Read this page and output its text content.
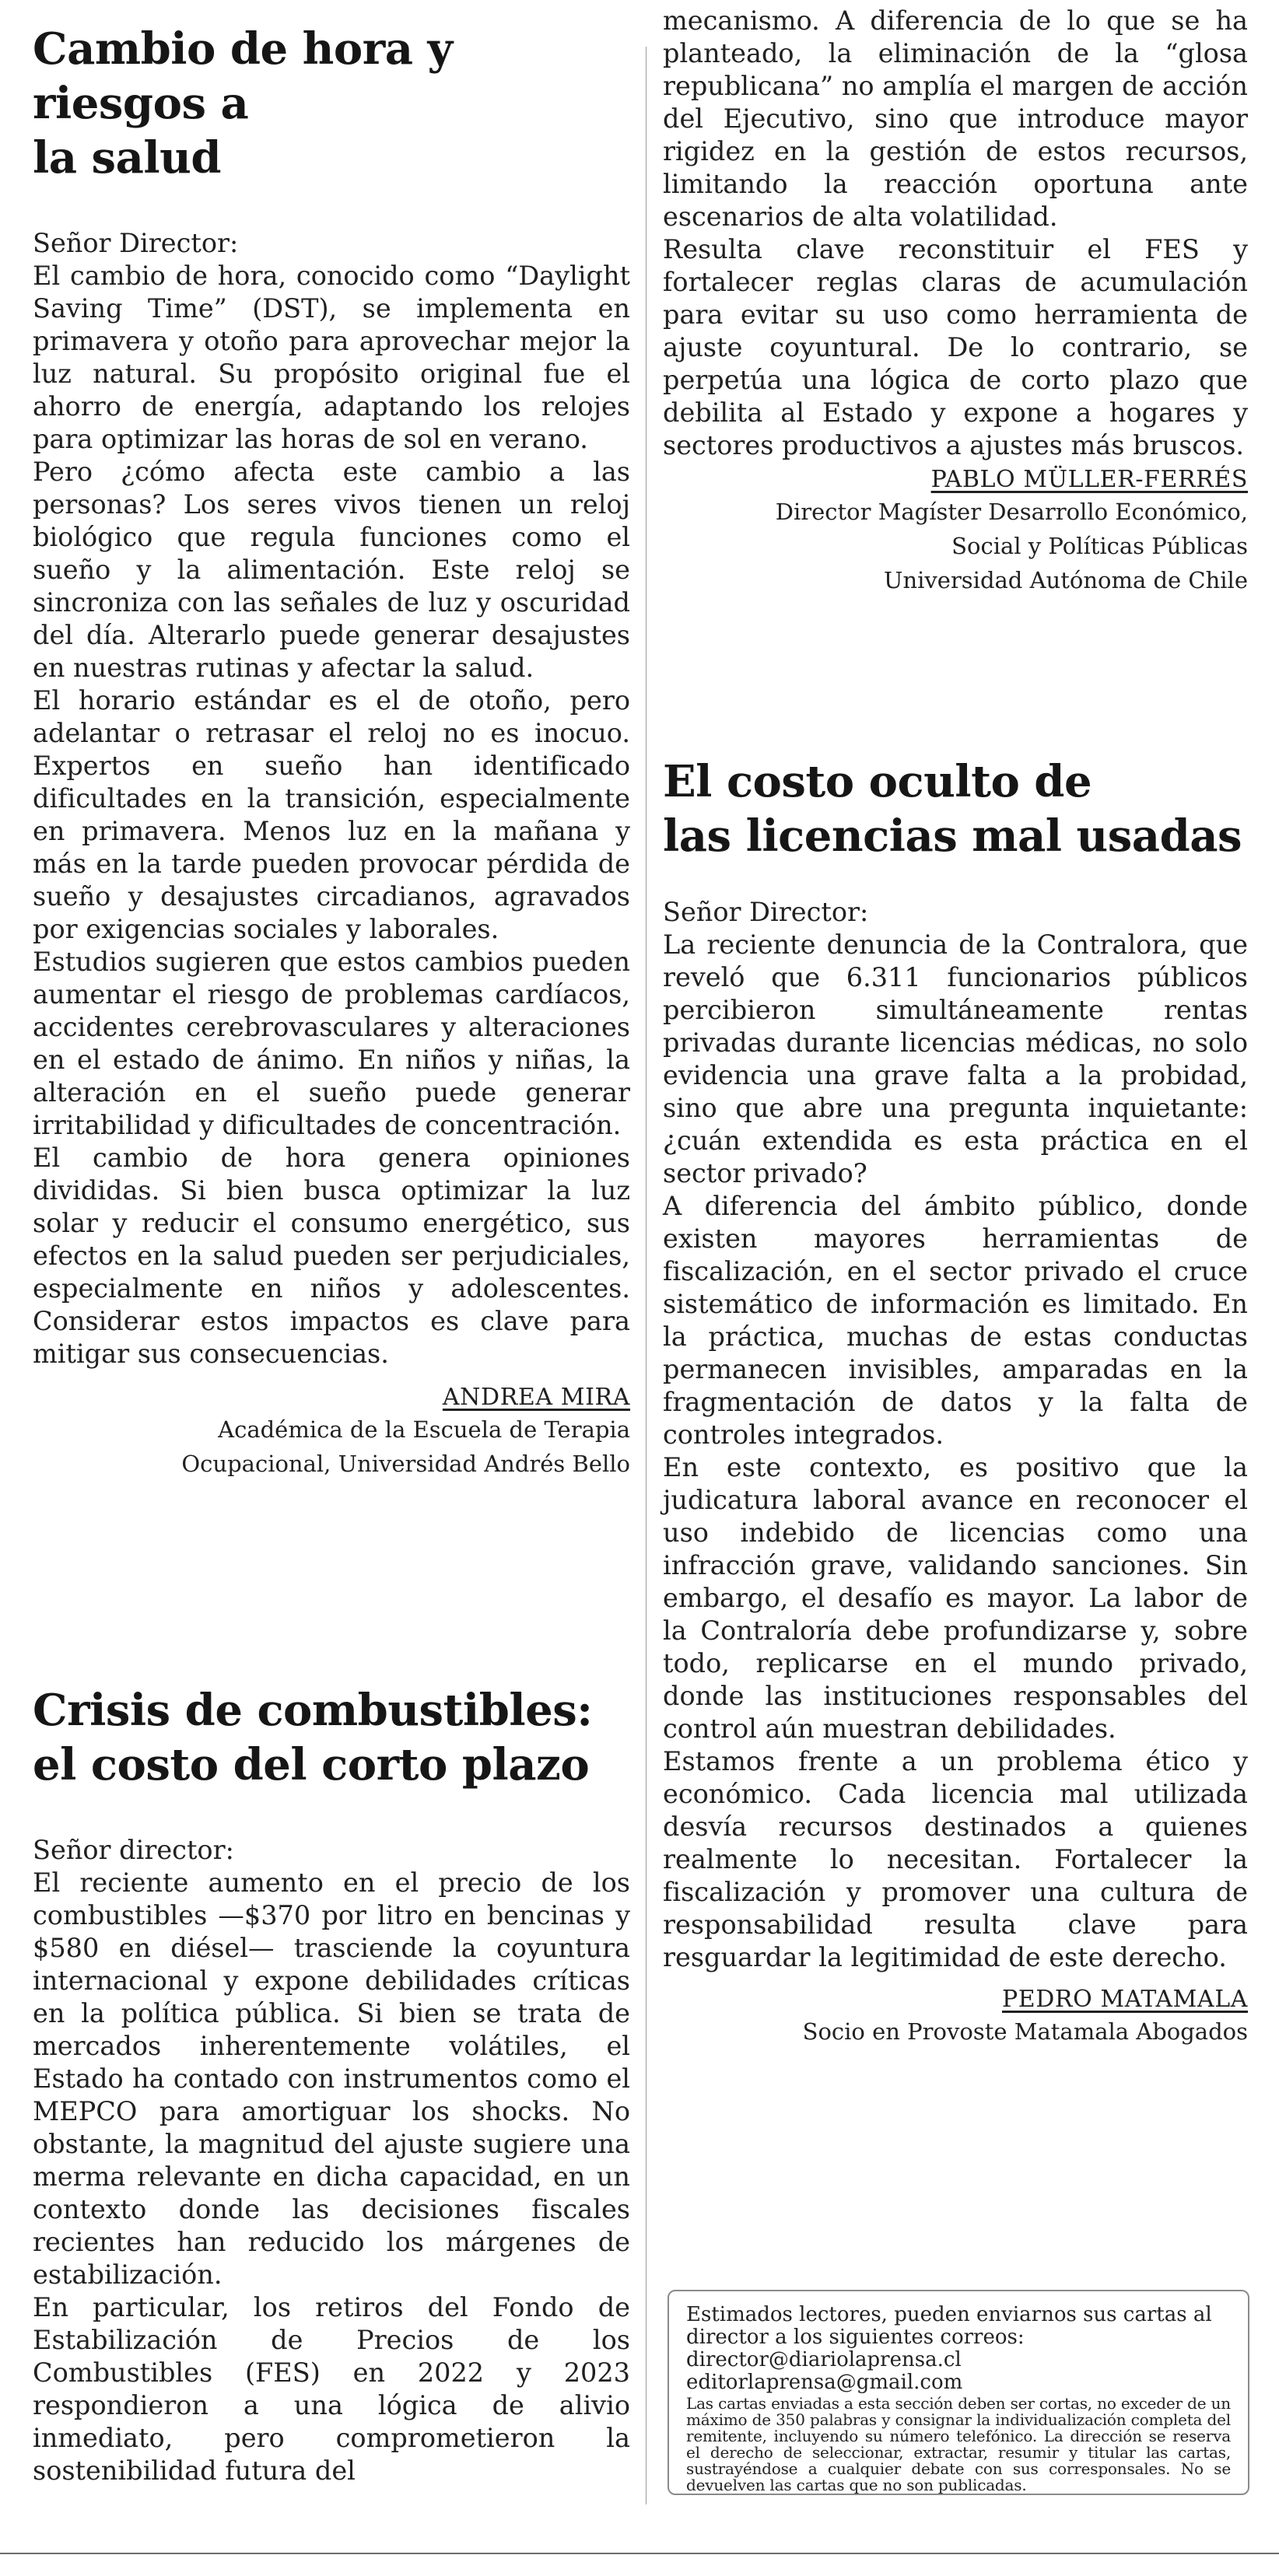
Cambio de hora y riesgos a
la salud

Señor Director:

El cambio de hora, conocido como “Daylight Saving Time” (DST), se implementa en primavera y otoño para aprovechar mejor la luz natural. Su propósito original fue el ahorro de energía, adaptando los relojes para optimizar las horas de sol en verano.

Pero ¿cómo afecta este cambio a las personas? Los seres vivos tienen un reloj biológico que regula funciones como el sueño y la alimentación. Este reloj se sincroniza con las señales de luz y oscuridad del día. Alterarlo puede generar desajustes en nuestras rutinas y afectar la salud.

El horario estándar es el de otoño, pero adelantar o retrasar el reloj no es inocuo. Expertos en sueño han identificado dificultades en la transición, especialmente en primavera. Menos luz en la mañana y más en la tarde pueden provocar pérdida de sueño y desajustes circadianos, agravados por exigencias sociales y laborales.

Estudios sugieren que estos cambios pueden aumentar el riesgo de problemas cardíacos, accidentes cerebrovasculares y alteraciones en el estado de ánimo. En niños y niñas, la alteración en el sueño puede generar irritabilidad y dificultades de concentración.

El cambio de hora genera opiniones divididas. Si bien busca optimizar la luz solar y reducir el consumo energético, sus efectos en la salud pueden ser perjudiciales, especialmente en niños y adolescentes. Considerar estos impactos es clave para mitigar sus consecuencias.

ANDREA MIRA
Académica de la Escuela de Terapia
Ocupacional, Universidad Andrés Bello
Crisis de combustibles:
el costo del corto plazo

Señor director:

El reciente aumento en el precio de los combustibles —$370 por litro en bencinas y $580 en diésel— trasciende la coyuntura internacional y expone debilidades críticas en la política pública. Si bien se trata de mercados inherentemente volátiles, el Estado ha contado con instrumentos como el MEPCO para amortiguar los shocks. No obstante, la magnitud del ajuste sugiere una merma relevante en dicha capacidad, en un contexto donde las decisiones fiscales recientes han reducido los márgenes de estabilización.

En particular, los retiros del Fondo de Estabilización de Precios de los Combustibles (FES) en 2022 y 2023 respondieron a una lógica de alivio inmediato, pero comprometieron la sostenibilidad futura del

mecanismo. A diferencia de lo que se ha planteado, la eliminación de la “glosa republicana” no amplía el margen de acción del Ejecutivo, sino que introduce mayor rigidez en la gestión de estos recursos, limitando la reacción oportuna ante escenarios de alta volatilidad.

Resulta clave reconstituir el FES y fortalecer reglas claras de acumulación para evitar su uso como herramienta de ajuste coyuntural. De lo contrario, se perpetúa una lógica de corto plazo que debilita al Estado y expone a hogares y sectores productivos a ajustes más bruscos.

PABLO MÜLLER-FERRÉS
Director Magíster Desarrollo Económico,
Social y Políticas Públicas
Universidad Autónoma de Chile
El costo oculto de
las licencias mal usadas

Señor Director:

La reciente denuncia de la Contralora, que reveló que 6.311 funcionarios públicos percibieron simultáneamente rentas privadas durante licencias médicas, no solo evidencia una grave falta a la probidad, sino que abre una pregunta inquietante: ¿cuán extendida es esta práctica en el sector privado?

A diferencia del ámbito público, donde existen mayores herramientas de fiscalización, en el sector privado el cruce sistemático de información es limitado. En la práctica, muchas de estas conductas permanecen invisibles, amparadas en la fragmentación de datos y la falta de controles integrados.

En este contexto, es positivo que la judicatura laboral avance en reconocer el uso indebido de licencias como una infracción grave, validando sanciones. Sin embargo, el desafío es mayor. La labor de la Contraloría debe profundizarse y, sobre todo, replicarse en el mundo privado, donde las instituciones responsables del control aún muestran debilidades.

Estamos frente a un problema ético y económico. Cada licencia mal utilizada desvía recursos destinados a quienes realmente lo necesitan. Fortalecer la fiscalización y promover una cultura de responsabilidad resulta clave para resguardar la legitimidad de este derecho.

PEDRO MATAMALA
Socio en Provoste Matamala Abogados

Estimados lectores, pueden enviarnos sus cartas al director a los siguientes correos:

director@diariolaprensa.cl
editorlaprensa@gmail.com

Las cartas enviadas a esta sección deben ser cortas, no exceder de un máximo de 350 palabras y consignar la individualización completa del remitente, incluyendo su número telefónico. La dirección se reserva el derecho de seleccionar, extractar, resumir y titular las cartas, sustrayéndose a cualquier debate con sus corresponsales. No se devuelven las cartas que no son publicadas.
